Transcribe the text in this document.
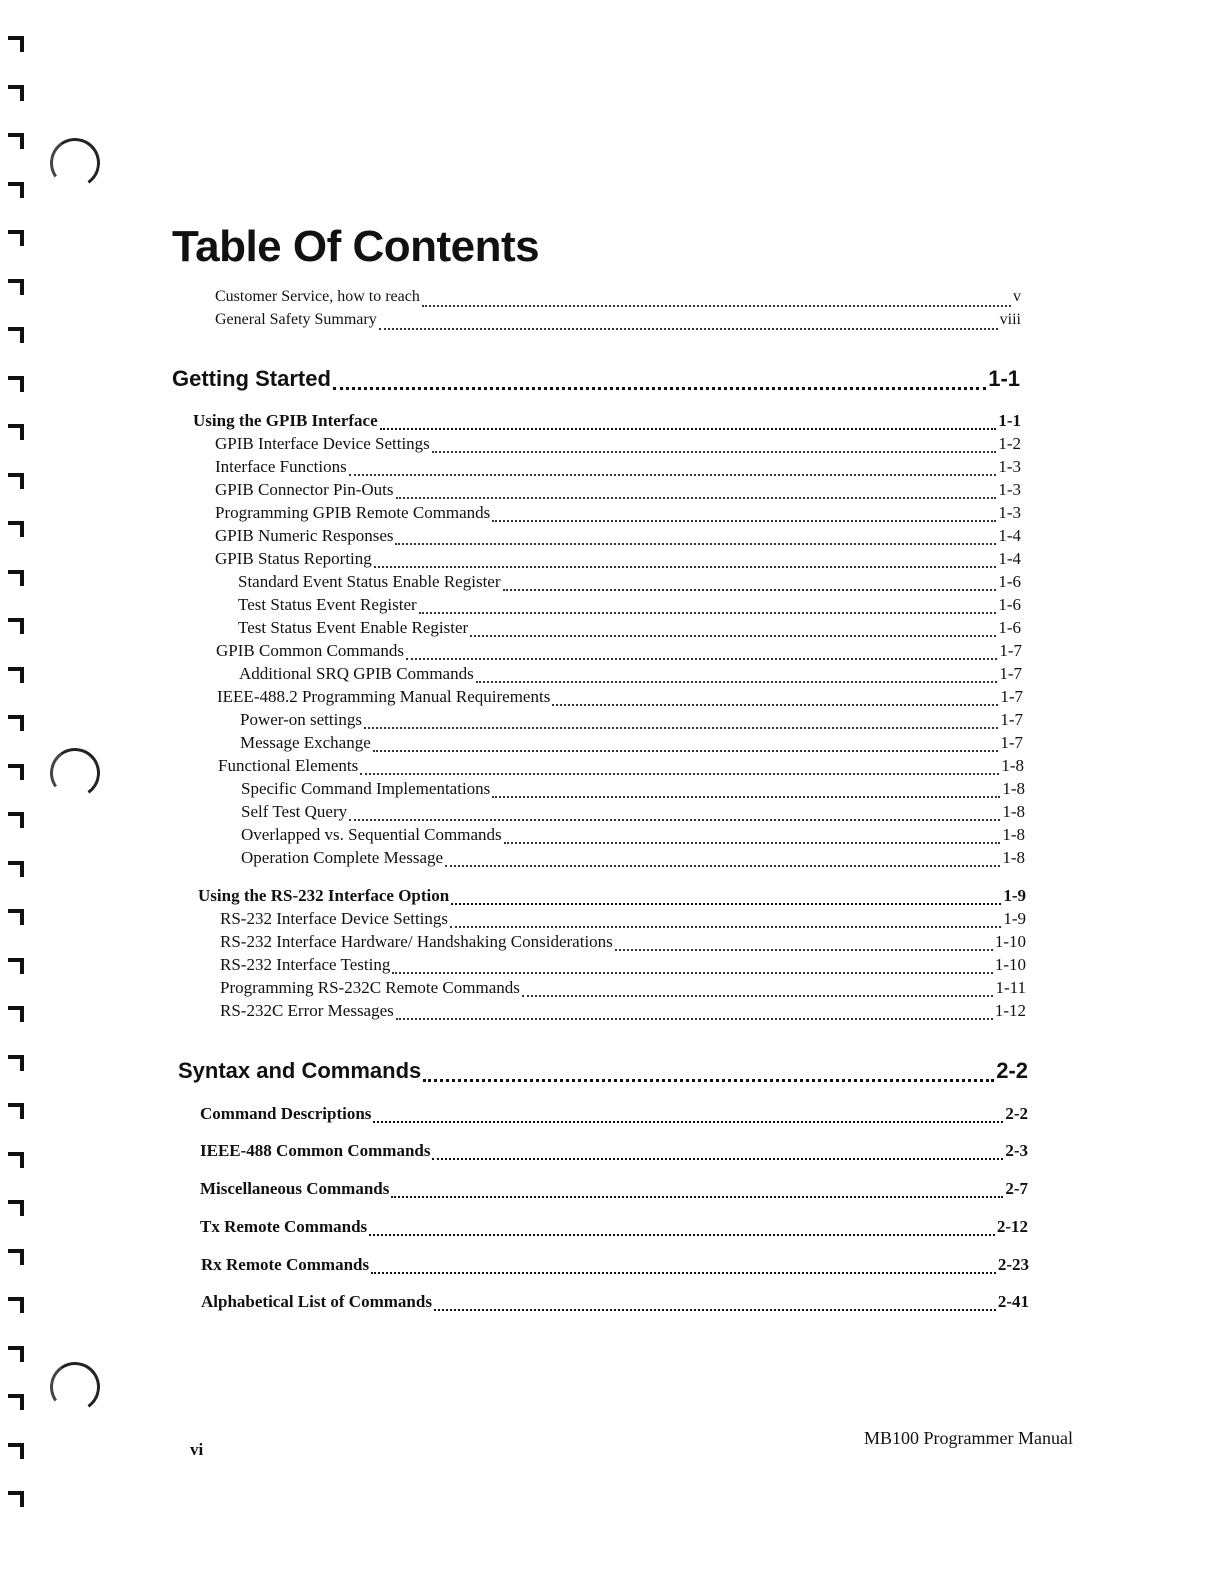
Table Of Contents
Customer Service, how to reach	v
General Safety Summary	viii
Getting Started	1-1
Using the GPIB Interface	1-1
GPIB Interface Device Settings	1-2
Interface Functions	1-3
GPIB Connector Pin-Outs	1-3
Programming GPIB Remote Commands	1-3
GPIB Numeric Responses	1-4
GPIB Status Reporting	1-4
Standard Event Status Enable Register	1-6
Test Status Event Register	1-6
Test Status Event Enable Register	1-6
GPIB Common Commands	1-7
Additional SRQ GPIB Commands	1-7
IEEE-488.2 Programming Manual Requirements	1-7
Power-on settings	1-7
Message Exchange	1-7
Functional Elements	1-8
Specific Command Implementations	1-8
Self Test Query	1-8
Overlapped vs. Sequential Commands	1-8
Operation Complete Message	1-8
Using the RS-232 Interface Option	1-9
RS-232 Interface Device Settings	1-9
RS-232 Interface Hardware/ Handshaking Considerations	1-10
RS-232 Interface Testing	1-10
Programming RS-232C Remote Commands	1-11
RS-232C Error Messages	1-12
Syntax and Commands	2-2
Command Descriptions	2-2
IEEE-488 Common Commands	2-3
Miscellaneous Commands	2-7
Tx Remote Commands	2-12
Rx Remote Commands	2-23
Alphabetical List of Commands	2-41
vi
MB100 Programmer Manual
